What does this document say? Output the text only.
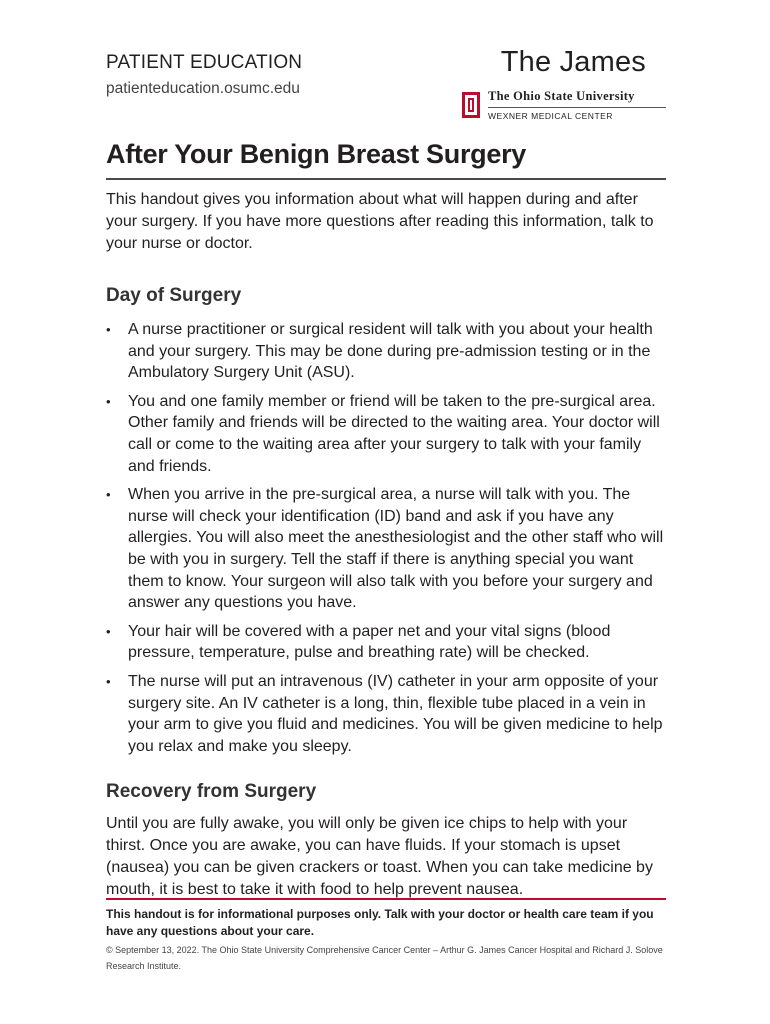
PATIENT EDUCATION
patienteducation.osumc.edu
The James
The Ohio State University
WEXNER MEDICAL CENTER
After Your Benign Breast Surgery

This handout gives you information about what will happen during and after your surgery. If you have more questions after reading this information, talk to your nurse or doctor.

Day of Surgery
• A nurse practitioner or surgical resident will talk with you about your health and your surgery. This may be done during pre-admission testing or in the Ambulatory Surgery Unit (ASU).
• You and one family member or friend will be taken to the pre-surgical area. Other family and friends will be directed to the waiting area. Your doctor will call or come to the waiting area after your surgery to talk with your family and friends.
• When you arrive in the pre-surgical area, a nurse will talk with you. The nurse will check your identification (ID) band and ask if you have any allergies. You will also meet the anesthesiologist and the other staff who will be with you in surgery. Tell the staff if there is anything special you want them to know. Your surgeon will also talk with you before your surgery and answer any questions you have.
• Your hair will be covered with a paper net and your vital signs (blood pressure, temperature, pulse and breathing rate) will be checked.
• The nurse will put an intravenous (IV) catheter in your arm opposite of your surgery site. An IV catheter is a long, thin, flexible tube placed in a vein in your arm to give you fluid and medicines. You will be given medicine to help you relax and make you sleepy.
Recovery from Surgery

Until you are fully awake, you will only be given ice chips to help with your thirst. Once you are awake, you can have fluids. If your stomach is upset (nausea) you can be given crackers or toast. When you can take medicine by mouth, it is best to take it with food to help prevent nausea.

This handout is for informational purposes only. Talk with your doctor or health care team if you have any questions about your care.
© September 13, 2022. The Ohio State University Comprehensive Cancer Center – Arthur G. James Cancer Hospital and Richard J. Solove Research Institute.
